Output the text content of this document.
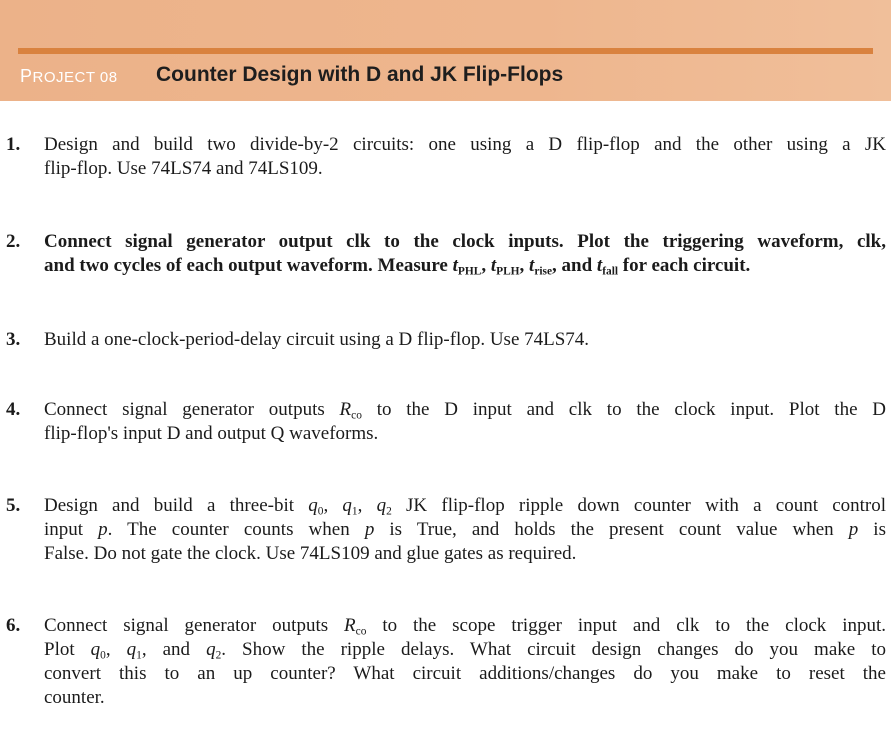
PROJECT 08 Counter Design with D and JK Flip-Flops
1. Design and build two divide-by-2 circuits: one using a D flip-flop and the other using a JK
flip-flop. Use 74LS74 and 74LS109.
2. Connect signal generator output clk to the clock inputs. Plot the triggering waveform, clk,
and two cycles of each output waveform. Measure $t_{PHL}$, $t_{PLH}$, $t_{rise}$, and $t_{fall}$ for each circuit.
3. Build a one-clock-period-delay circuit using a D flip-flop. Use 74LS74.
4. Connect signal generator outputs $R_{co}$ to the D input and clk to the clock input. Plot the D
flip-flop's input D and output Q waveforms.
5. Design and build a three-bit $q_0$, $q_1$, $q_2$ JK flip-flop ripple down counter with a count control
input p. The counter counts when p is True, and holds the present count value when p is
False. Do not gate the clock. Use 74LS109 and glue gates as required.
6. Connect signal generator outputs $R_{co}$ to the scope trigger input and clk to the clock input.
Plot $q_0$, $q_1$, and $q_2$. Show the ripple delays. What circuit design changes do you make to
convert this to an up counter? What circuit additions/changes do you make to reset the
counter.
